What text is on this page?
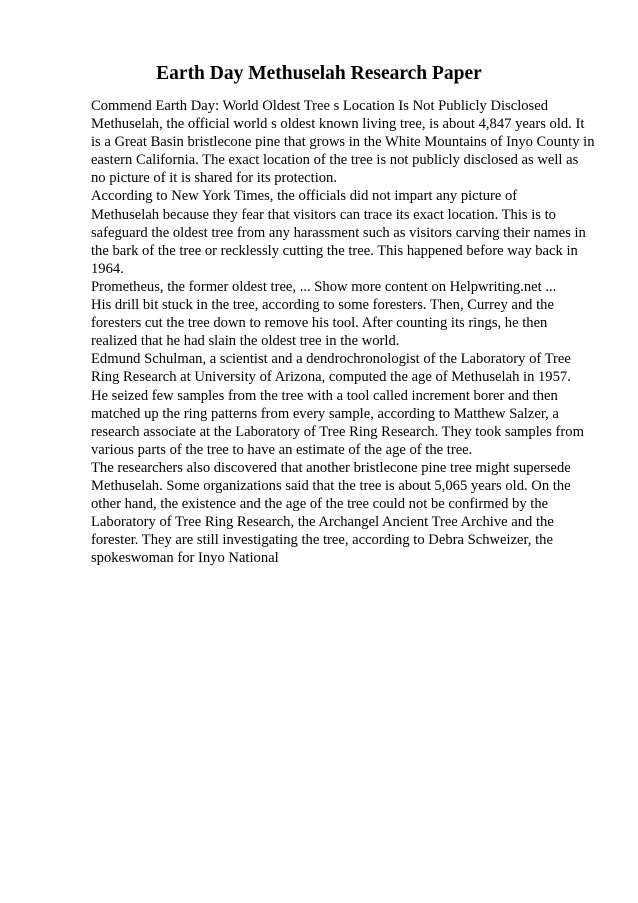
Earth Day Methuselah Research Paper
Commend Earth Day: World Oldest Tree s Location Is Not Publicly Disclosed
Methuselah, the official world s oldest known living tree, is about 4,847 years old. It
is a Great Basin bristlecone pine that grows in the White Mountains of Inyo County in
eastern California. The exact location of the tree is not publicly disclosed as well as
no picture of it is shared for its protection.
According to New York Times, the officials did not impart any picture of
Methuselah because they fear that visitors can trace its exact location. This is to
safeguard the oldest tree from any harassment such as visitors carving their names in
the bark of the tree or recklessly cutting the tree. This happened before way back in
1964.
Prometheus, the former oldest tree, ... Show more content on Helpwriting.net ...
His drill bit stuck in the tree, according to some foresters. Then, Currey and the
foresters cut the tree down to remove his tool. After counting its rings, he then
realized that he had slain the oldest tree in the world.
Edmund Schulman, a scientist and a dendrochronologist of the Laboratory of Tree
Ring Research at University of Arizona, computed the age of Methuselah in 1957.
He seized few samples from the tree with a tool called increment borer and then
matched up the ring patterns from every sample, according to Matthew Salzer, a
research associate at the Laboratory of Tree Ring Research. They took samples from
various parts of the tree to have an estimate of the age of the tree.
The researchers also discovered that another bristlecone pine tree might supersede
Methuselah. Some organizations said that the tree is about 5,065 years old. On the
other hand, the existence and the age of the tree could not be confirmed by the
Laboratory of Tree Ring Research, the Archangel Ancient Tree Archive and the
forester. They are still investigating the tree, according to Debra Schweizer, the
spokeswoman for Inyo National
